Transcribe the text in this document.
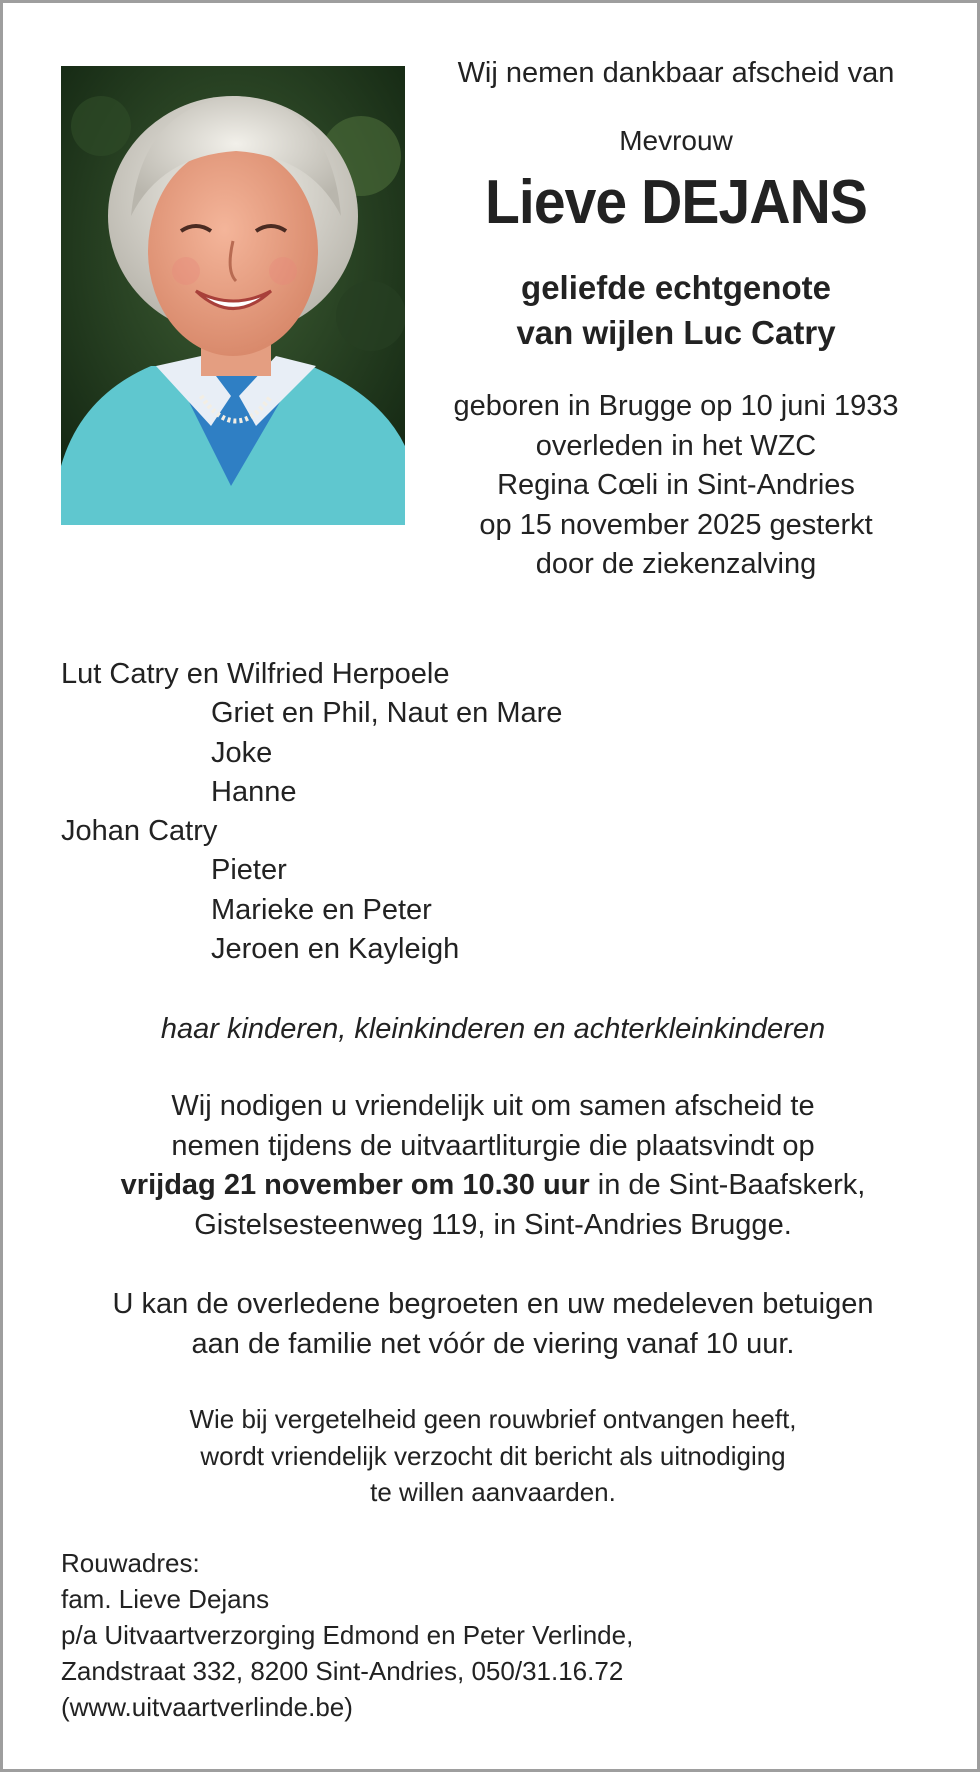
Wij nemen dankbaar afscheid van
Mevrouw
Lieve DEJANS
geliefde echtgenote
van wijlen Luc Catry
geboren in Brugge op 10 juni 1933
overleden in het WZC
Regina Cœli in Sint-Andries
op 15 november 2025 gesterkt
door de ziekenzalving
Lut Catry en Wilfried Herpoele
Griet en Phil, Naut en Mare
Joke
Hanne
Johan Catry
Pieter
Marieke en Peter
Jeroen en Kayleigh
haar kinderen, kleinkinderen en achterkleinkinderen
Wij nodigen u vriendelijk uit om samen afscheid te
nemen tijdens de uitvaartliturgie die plaatsvindt op
vrijdag 21 november om 10.30 uur in de Sint-Baafskerk,
Gistelsesteenweg 119, in Sint-Andries Brugge.
U kan de overledene begroeten en uw medeleven betuigen
aan de familie net vóór de viering vanaf 10 uur.
Wie bij vergetelheid geen rouwbrief ontvangen heeft,
wordt vriendelijk verzocht dit bericht als uitnodiging
te willen aanvaarden.
Rouwadres:
fam. Lieve Dejans
p/a Uitvaartverzorging Edmond en Peter Verlinde,
Zandstraat 332, 8200 Sint-Andries, 050/31.16.72
(www.uitvaartverlinde.be)
